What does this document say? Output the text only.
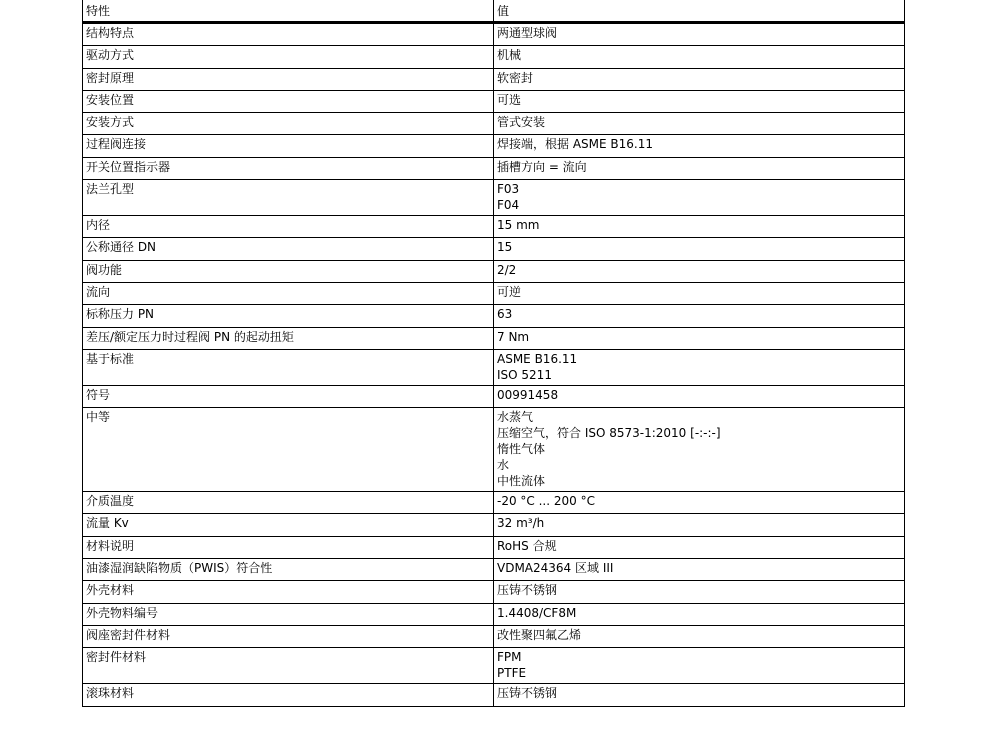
特性	值
结构特点	两通型球阀

驱动方式	机械

密封原理	软密封

安装位置	可选

安装方式	管式安装

过程阀连接	焊接端，根据 ASME B16.11

开关位置指示器	插槽方向 = 流向

法兰孔型	F03
F04

内径	15 mm

公称通径 DN	15

阀功能	2/2

流向	可逆

标称压力 PN	63

差压/额定压力时过程阀 PN 的起动扭矩	7 Nm

基于标准	ASME B16.11
ISO 5211

符号	00991458

中等	水蒸气
压缩空气，符合 ISO 8573-1:2010 [-:-:-]
惰性气体
水
中性流体

介质温度	-20 °C ... 200 °C

流量 Kv	32 m³/h

材料说明	RoHS 合规

油漆湿润缺陷物质（PWIS）符合性	VDMA24364 区域 III

外壳材料	压铸不锈钢

外壳物料编号	1.4408/CF8M

阀座密封件材料	改性聚四氟乙烯

密封件材料	FPM
PTFE

滚珠材料	压铸不锈钢
